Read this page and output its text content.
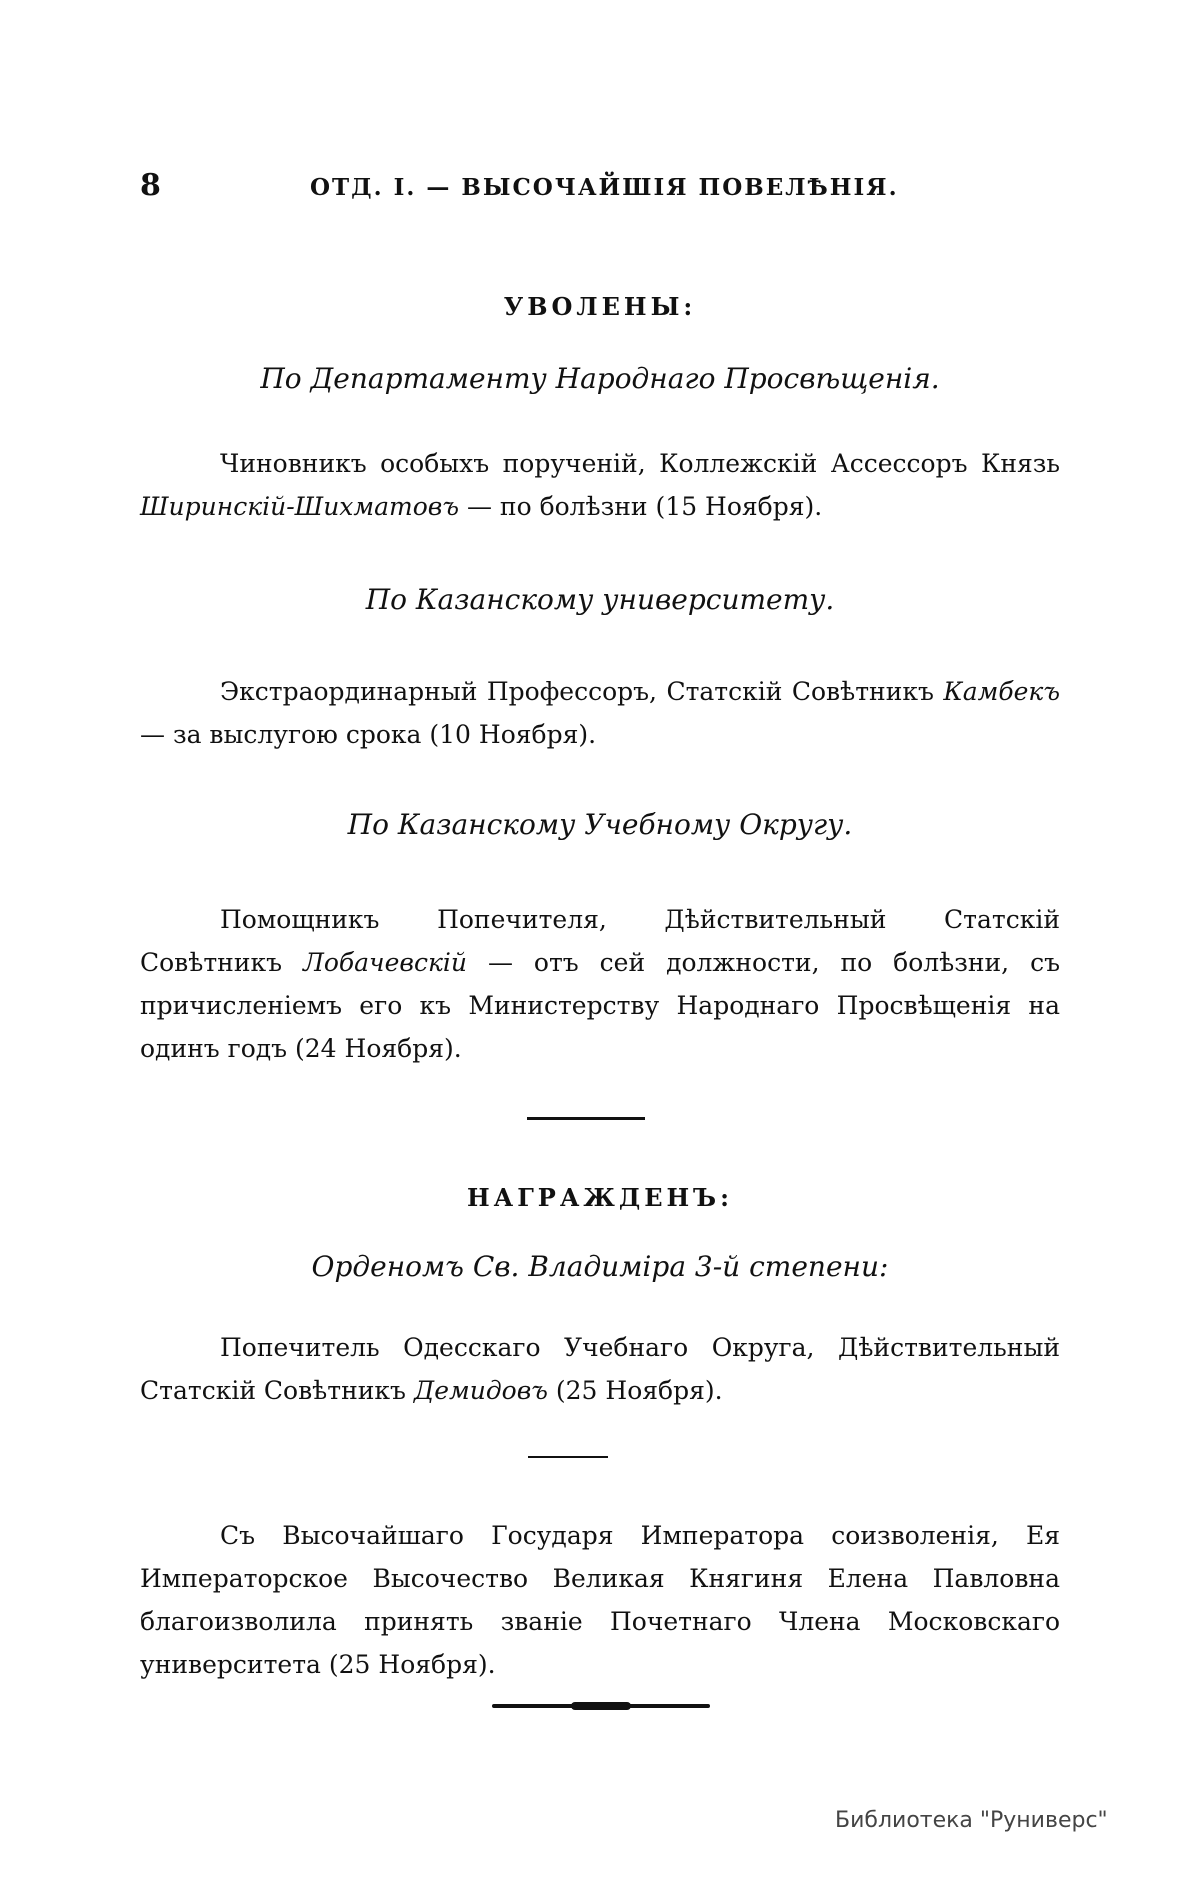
8	ОТД. I. — ВЫСОЧАЙШІЯ ПОВЕЛѢНІЯ.
УВОЛЕНЫ:
По Департаменту Народнаго Просвѣщенія.
Чиновникъ особыхъ порученій, Коллежскій Ассессоръ Князь Ширинскій-Шихматовъ — по болѣзни (15 Ноября).
По Казанскому университету.
Экстраординарный Профессоръ, Статскій Совѣтникъ Камбекъ — за выслугою срока (10 Ноября).
По Казанскому Учебному Округу.
Помощникъ Попечителя, Дѣйствительный Статскій Совѣтникъ Лобачевскій — отъ сей должности, по болѣзни, съ причисленіемъ его къ Министерству Народнаго Просвѣщенія на одинъ годъ (24 Ноября).
НАГРАЖДЕНЪ:
Орденомъ Св. Владиміра 3-й степени:
Попечитель Одесскаго Учебнаго Округа, Дѣйствительный Статскій Совѣтникъ Демидовъ (25 Ноября).
Съ Высочайшаго Государя Императора соизволенія, Ея Императорское Высочество Великая Княгиня Елена Павловна благоизволила принять званіе Почетнаго Члена Московскаго университета (25 Ноября).
Библиотека "Руниверс"
